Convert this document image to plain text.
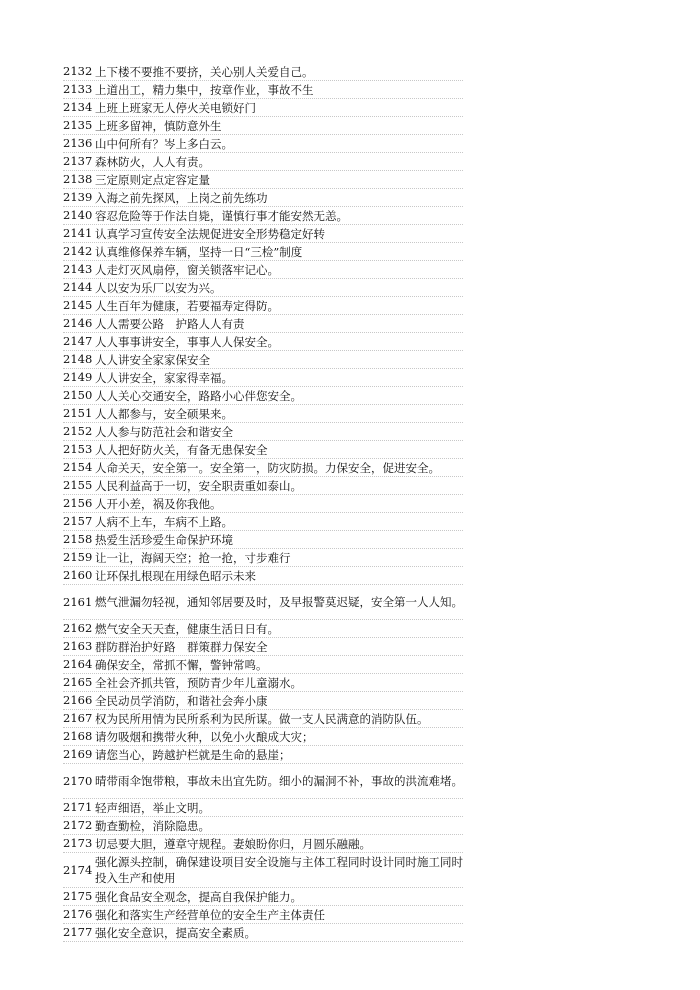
2132 上下楼不要推不要挤，关心别人关爱自己。
2133 上道出工，精力集中，按章作业，事故不生
2134 上班上班家无人停火关电锁好门
2135 上班多留神，慎防意外生
2136 山中何所有？岑上多白云。
2137 森林防火，人人有责。
2138 三定原则定点定容定量
2139 入海之前先探风，上岗之前先练功
2140 容忍危险等于作法自毙，谨慎行事才能安然无恙。
2141 认真学习宣传安全法规促进安全形势稳定好转
2142 认真维修保养车辆，坚持一日“三检”制度
2143 人走灯灭风扇停，窗关锁落牢记心。
2144 人以安为乐厂以安为兴。
2145 人生百年为健康，若要福寿定得防。
2146 人人需要公路　护路人人有责
2147 人人事事讲安全，事事人人保安全。
2148 人人讲安全家家保安全
2149 人人讲安全，家家得幸福。
2150 人人关心交通安全，路路小心伴您安全。
2151 人人都参与，安全硕果来。
2152 人人参与防范社会和谐安全
2153 人人把好防火关，有备无患保安全
2154 人命关天，安全第一。安全第一，防灾防损。力保安全，促进安全。
2155 人民利益高于一切，安全职责重如泰山。
2156 人开小差，祸及你我他。
2157 人病不上车，车病不上路。
2158 热爱生活珍爱生命保护环境
2159 让一让，海阔天空；抢一抢，寸步难行
2160 让环保扎根现在用绿色昭示未来
2161 燃气泄漏勿轻视，通知邻居要及时，及早报警莫迟疑，安全第一人人知。
2162 燃气安全天天查，健康生活日日有。
2163 群防群治护好路　群策群力保安全
2164 确保安全，常抓不懈，警钟常鸣。
2165 全社会齐抓共管，预防青少年儿童溺水。
2166 全民动员学消防，和谐社会奔小康
2167 权为民所用情为民所系利为民所谋。做一支人民满意的消防队伍。
2168 请勿吸烟和携带火种，以免小火酿成大灾；
2169 请您当心，跨越护栏就是生命的悬崖；
2170 晴带雨伞饱带粮，事故未出宜先防。细小的漏洞不补，事故的洪流难堵。
2171 轻声细语，举止文明。
2172 勤查勤检，消除隐患。
2173 切忌要大胆，遵章守规程。妻娘盼你归，月圆乐融融。
2174
强化源头控制，确保建设项目安全设施与主体工程同时设计同时施工同时投入生产和使用
2175 强化食品安全观念，提高自我保护能力。
2176 强化和落实生产经营单位的安全生产主体责任
2177 强化安全意识，提高安全素质。
